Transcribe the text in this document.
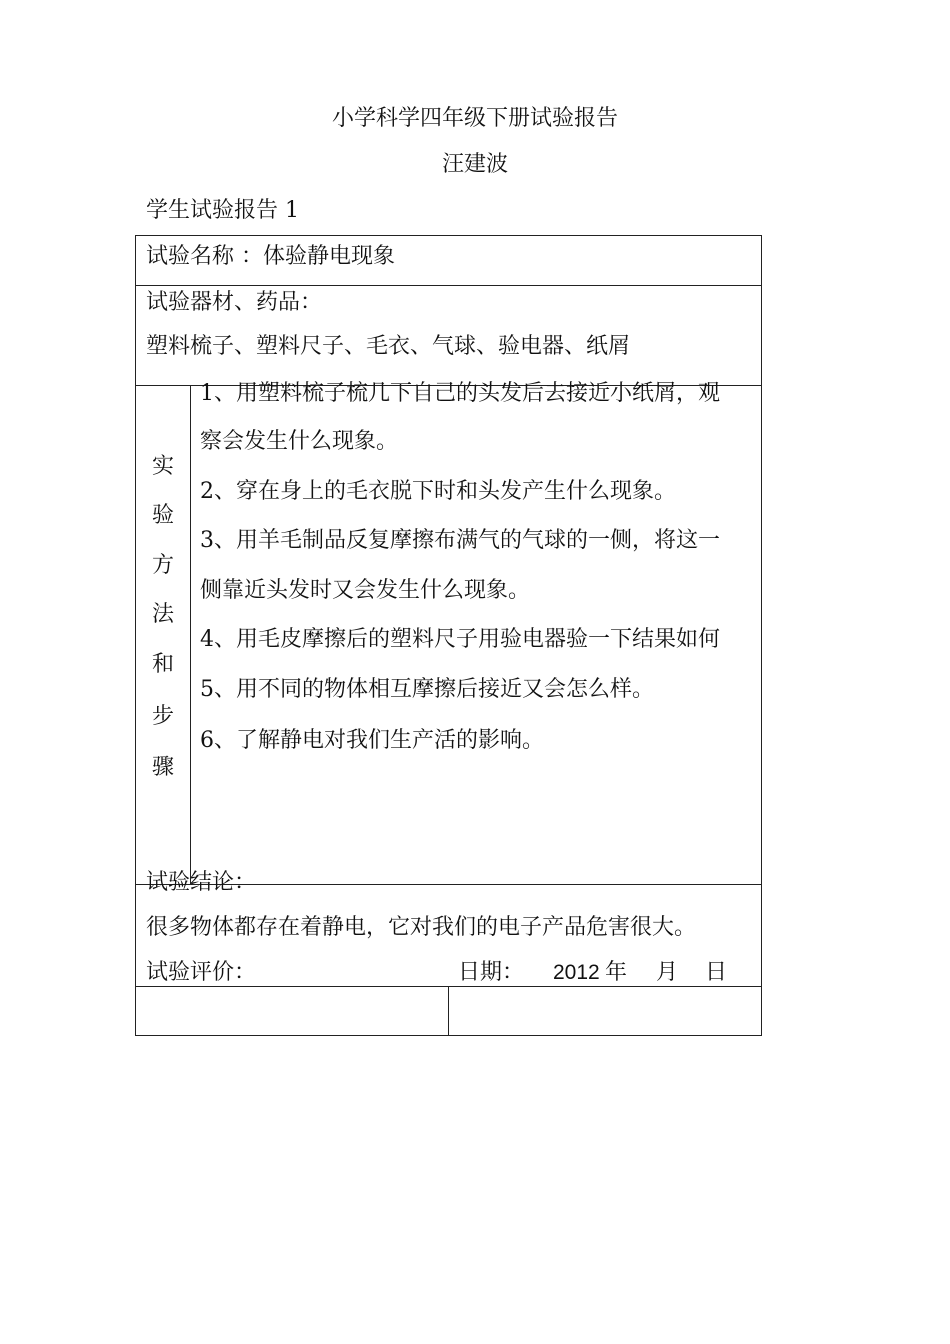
小学科学四年级下册试验报告
汪建波
学生试验报告 1
试验名称 ：体验静电现象
试验器材、药品：
塑料梳子、塑料尺子、毛衣、气球、验电器、纸屑
实
验
方
法
和
步
骤
1、用塑料梳子梳几下自己的头发后去接近小纸屑，观
察会发生什么现象。
2、穿在身上的毛衣脱下时和头发产生什么现象。
3、用羊毛制品反复摩擦布满气的气球的一侧，将这一
侧靠近头发时又会发生什么现象。
4、用毛皮摩擦后的塑料尺子用验电器验一下结果如何
5、用不同的物体相互摩擦后接近又会怎么样。
6、了解静电对我们生产活的影响。
试验结论：
很多物体都存在着静电，它对我们的电子产品危害很大。
试验评价：	日期： 2012 年 月 日
